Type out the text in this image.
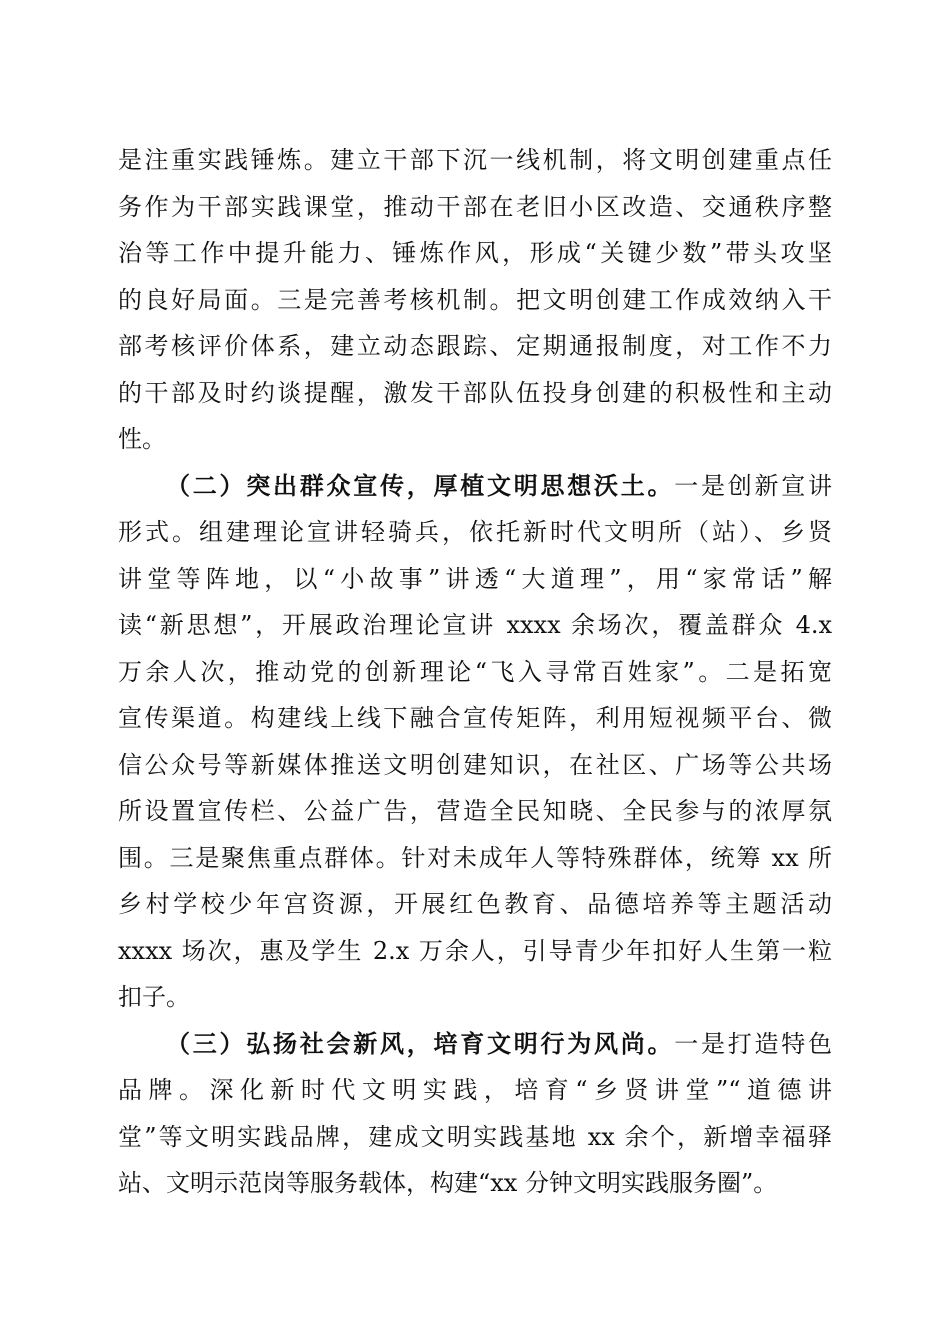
是注重实践锤炼。建立干部下沉一线机制，将文明创建重点任
务作为干部实践课堂，推动干部在老旧小区改造、交通秩序整
治等工作中提升能力、锤炼作风，形成“关键少数”带头攻坚
的良好局面。三是完善考核机制。把文明创建工作成效纳入干
部考核评价体系，建立动态跟踪、定期通报制度，对工作不力
的干部及时约谈提醒，激发干部队伍投身创建的积极性和主动
性。
（二）突出群众宣传，厚植文明思想沃土。一是创新宣讲
形式。组建理论宣讲轻骑兵，依托新时代文明所（站）、乡贤
讲堂等阵地，以“小故事”讲透“大道理”，用“家常话”解
读“新思想”，开展政治理论宣讲 xxxx 余场次，覆盖群众 4.x
万余人次，推动党的创新理论“飞入寻常百姓家”。二是拓宽
宣传渠道。构建线上线下融合宣传矩阵，利用短视频平台、微
信公众号等新媒体推送文明创建知识，在社区、广场等公共场
所设置宣传栏、公益广告，营造全民知晓、全民参与的浓厚氛
围。三是聚焦重点群体。针对未成年人等特殊群体，统筹 xx 所
乡村学校少年宫资源，开展红色教育、品德培养等主题活动
xxxx 场次，惠及学生 2.x 万余人，引导青少年扣好人生第一粒
扣子。
（三）弘扬社会新风，培育文明行为风尚。一是打造特色
品牌。深化新时代文明实践，培育“乡贤讲堂”“道德讲
堂”等文明实践品牌，建成文明实践基地 xx 余个，新增幸福驿
站、文明示范岗等服务载体，构建“xx 分钟文明实践服务圈”。
